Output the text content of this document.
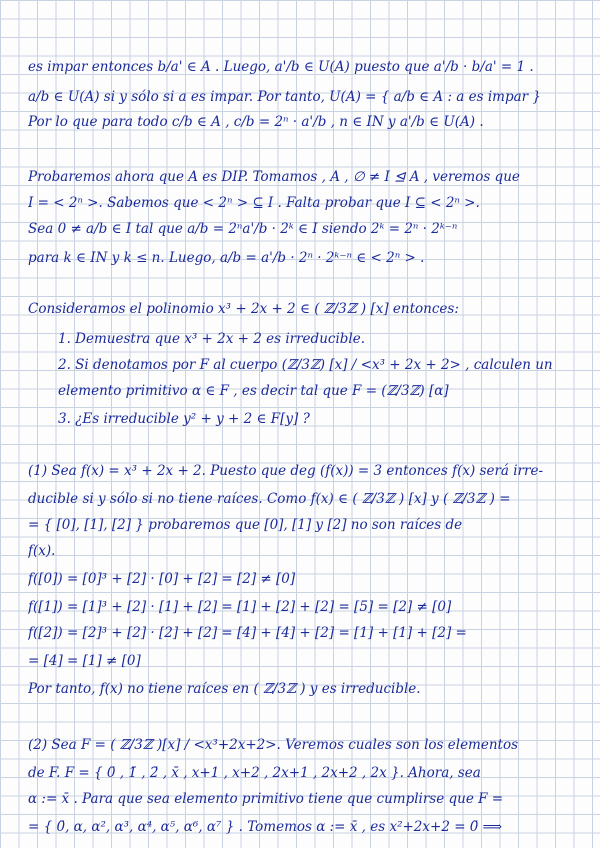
es impar entonces b/a' ∈ A . Luego, a'/b ∈ U(A) puesto que a'/b · b/a' = 1 .
a/b ∈ U(A) si y sólo si a es impar. Por tanto, U(A) = { a/b ∈ A : a es impar }
Por lo que para todo c/b ∈ A , c/b = 2ⁿ · a'/b , n ∈ IN y a'/b ∈ U(A) .
Probaremos ahora que A es DIP. Tomamos , A , ∅ ≠ I ⊴ A , veremos que
I = < 2ⁿ >. Sabemos que < 2ⁿ > ⊆ I . Falta probar que I ⊆ < 2ⁿ >.
Sea 0 ≠ a/b ∈ I tal que a/b = 2ⁿa'/b · 2ᵏ ∈ I siendo 2ᵏ = 2ⁿ · 2ᵏ⁻ⁿ
para k ∈ IN y k ≤ n. Luego, a/b = a'/b · 2ⁿ · 2ᵏ⁻ⁿ ∈ < 2ⁿ > .
Consideramos el polinomio x³ + 2x + 2 ∈ ( ℤ/3ℤ ) [x] entonces:
1. Demuestra que x³ + 2x + 2 es irreducible.
2. Si denotamos por F al cuerpo (ℤ/3ℤ) [x] / <x³ + 2x + 2> , calculen un
elemento primitivo α ∈ F , es decir tal que F = (ℤ/3ℤ) [α]
3. ¿Es irreducible y² + y + 2 ∈ F[y] ?
(1) Sea f(x) = x³ + 2x + 2. Puesto que deg (f(x)) = 3 entonces f(x) será irre-
ducible si y sólo si no tiene raíces. Como f(x) ∈ ( ℤ/3ℤ ) [x] y ( ℤ/3ℤ ) =
= { [0], [1], [2] } probaremos que [0], [1] y [2] no son raíces de
f(x).
f([0]) = [0]³ + [2] · [0] + [2] = [2] ≠ [0]
f([1]) = [1]³ + [2] · [1] + [2] = [1] + [2] + [2] = [5] = [2] ≠ [0]
f([2]) = [2]³ + [2] · [2] + [2] = [4] + [4] + [2] = [1] + [1] + [2] =
= [4] = [1] ≠ [0]
Por tanto, f(x) no tiene raíces en ( ℤ/3ℤ ) y es irreducible.
(2) Sea F = ( ℤ/3ℤ )[x] / <x³+2x+2>. Veremos cuales son los elementos
de F. F = { 0̄ , 1̄ , 2̄ , x̄ , x+1 , x+2 , 2x+1 , 2x+2 , 2x }. Ahora, sea
α := x̄ . Para que sea elemento primitivo tiene que cumplirse que F =
= { 0̄, α, α², α³, α⁴, α⁵, α⁶, α⁷ } . Tomemos α := x̄ , es x²+2x+2 = 0̄ ⟹
